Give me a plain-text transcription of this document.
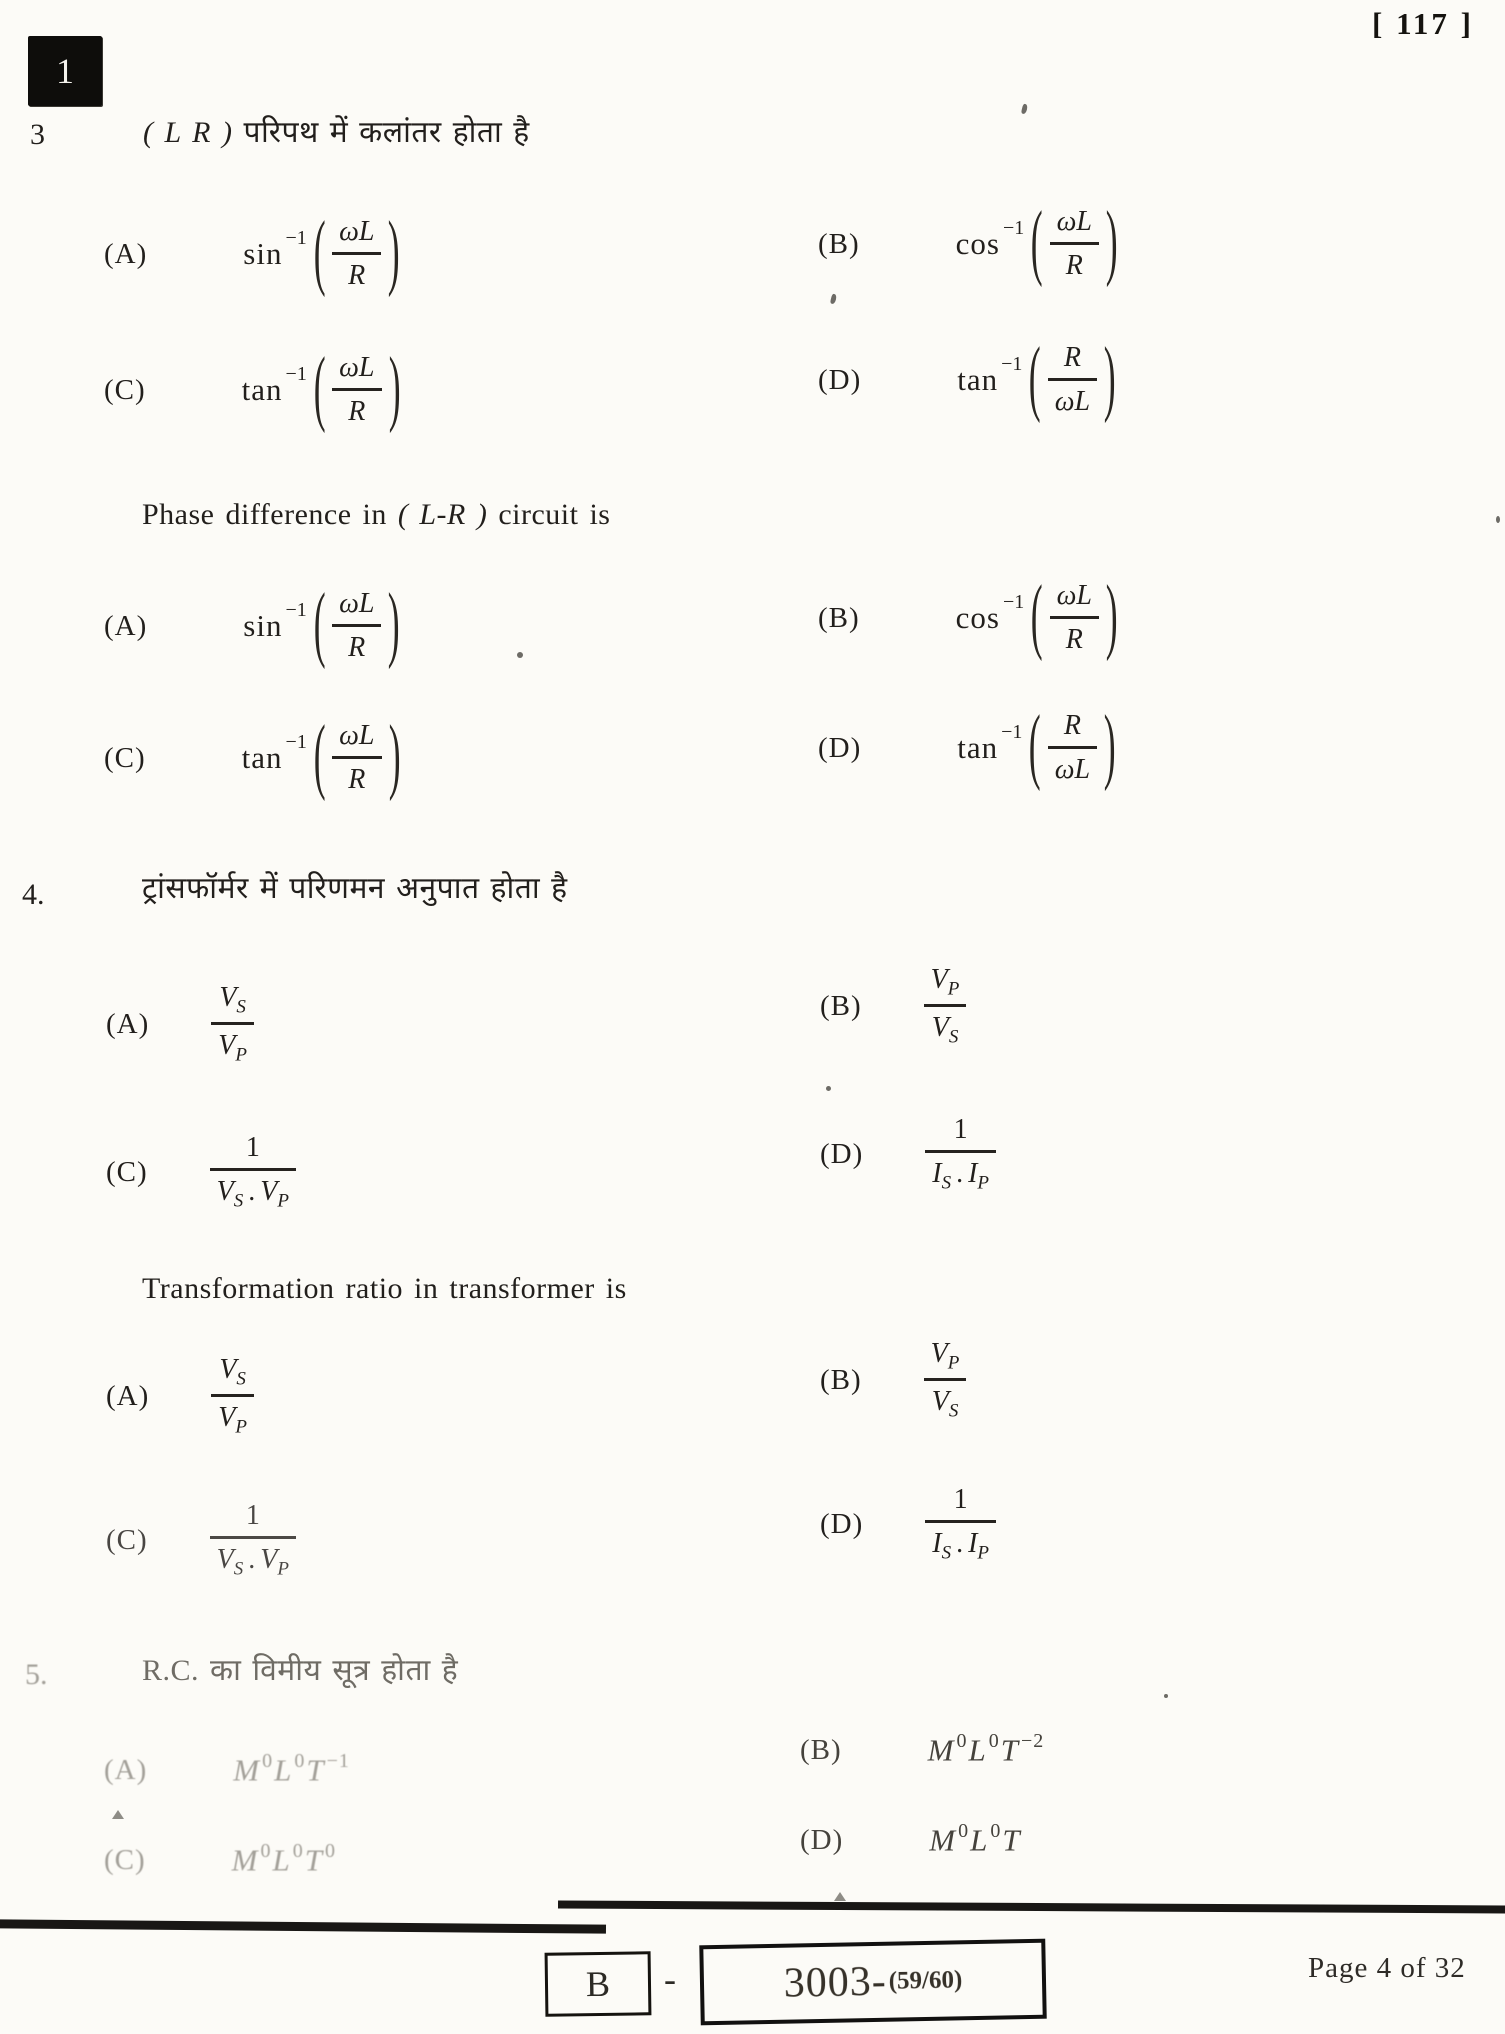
[ 117 ]
1
3	( L R ) परिपथ में कलांतर होता है
(A)	sin −1 ( $\frac{\omega L}{R}$ )	(B)	cos −1 ( $\frac{\omega L}{R}$ )
(C)	tan −1 ( $\frac{\omega L}{R}$ )	(D)	tan −1 ( $\frac{R}{\omega L}$ )
Phase difference in ( L-R ) circuit is
(A)	sin −1 ( $\frac{\omega L}{R}$ )	(B)	cos −1 ( $\frac{\omega L}{R}$ )
(C)	tan −1 ( $\frac{\omega L}{R}$ )	(D)	tan −1 ( $\frac{R}{\omega L}$ )
4.	ट्रांसफॉर्मर में परिणमन अनुपात होता है
$(A) \frac{V_S}{V_P}$	$(B) \frac{V_P}{V_S}$
$(C) \frac{1}{V_S . V_P}$	$(D) \frac{1}{I_S . I_P}$
Transformation ratio in transformer is
$(A) \frac{V_S}{V_P}$	$(B) \frac{V_P}{V_S}$
$(C) \frac{1}{V_S . V_P}$	$(D) \frac{1}{I_S . I_P}$
5.	R.C. का विमीय सूत्र होता है
(A)	M $^0$L $^0$T $^{-1}$	(B)	M $^0$L $^0$T $^{-2}$
(C)	M $^0$L $^0$T $^0$	(D)	M $^0$L $^0$T
B -	3003- (59/60)	Page 4 of 32
